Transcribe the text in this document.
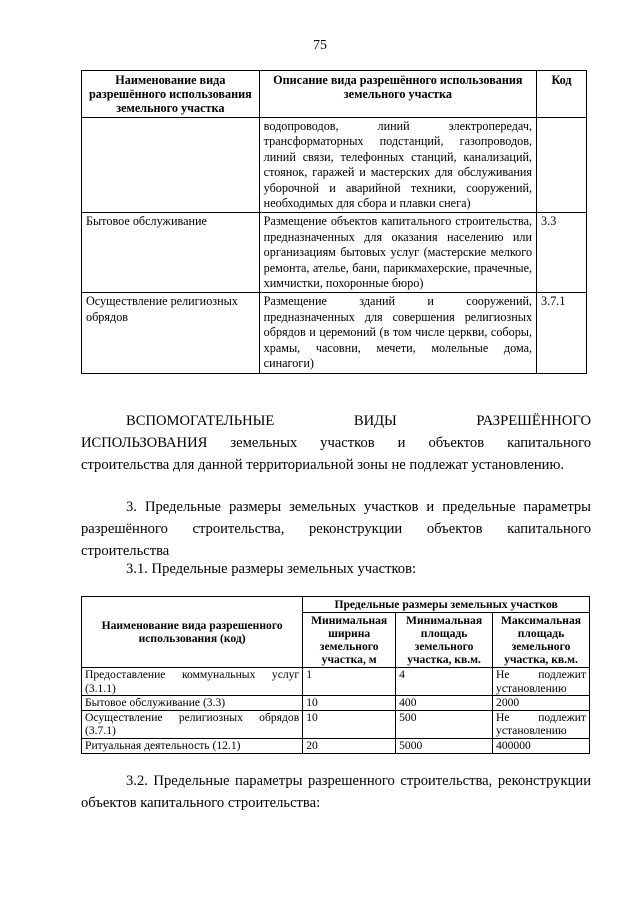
75
Наименование вида разрешённого использования земельного участка	Описание вида разрешённого использования земельного участка	Код
	водопроводов, линий электропередач, трансформаторных подстанций, газопроводов, линий связи, телефонных станций, канализаций, стоянок, гаражей и мастерских для обслуживания уборочной и аварийной техники, сооружений, необходимых для сбора и плавки снега)	
Бытовое обслуживание	Размещение объектов капитального строительства, предназначенных для оказания населению или организациям бытовых услуг (мастерские мелкого ремонта, ателье, бани, парикмахерские, прачечные, химчистки, похоронные бюро)	3.3
Осуществление религиозных обрядов	Размещение зданий и сооружений, предназначенных для совершения религиозных обрядов и церемоний (в том числе церкви, соборы, храмы, часовни, мечети, молельные дома, синагоги)	3.7.1
ВСПОМОГАТЕЛЬНЫЕ ВИДЫ РАЗРЕШЁННОГО
ИСПОЛЬЗОВАНИЯ земельных участков и объектов капитального
строительства для данной территориальной зоны не подлежат установлению.
3. Предельные размеры земельных участков и предельные параметры разрешённого строительства, реконструкции объектов капитального строительства
3.1. Предельные размеры земельных участков:
Наименование вида разрешенного использования (код)	Предельные размеры земельных участков		
	Минимальная ширина земельного участка, м	Минимальная площадь земельного участка, кв.м.	Максимальная площадь земельного участка, кв.м.
Предоставление коммунальных услуг (3.1.1)	1	4	Не подлежит установлению
Бытовое обслуживание (3.3)	10	400	2000
Осуществление религиозных обрядов (3.7.1)	10	500	Не подлежит установлению
Ритуальная деятельность (12.1)	20	5000	400000
3.2. Предельные параметры разрешенного строительства, реконструкции объектов капитального строительства:
